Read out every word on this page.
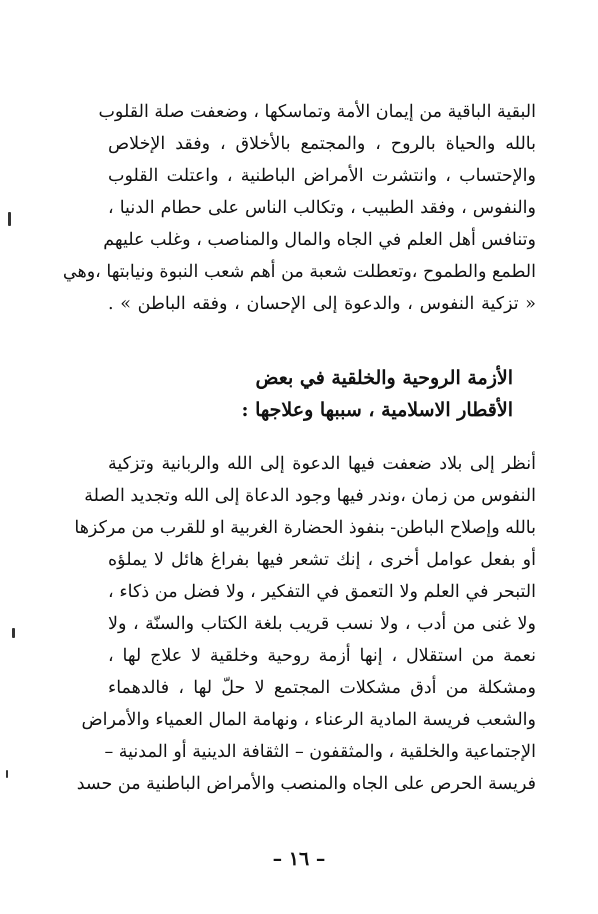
البقية الباقية من إيمان الأمة وتماسكها ، وضعفت صلة القلوب
بالله والحياة بالروح ، والمجتمع بالأخلاق ، وفقد الإخلاص
والإحتساب ، وانتشرت الأمراض الباطنية ، واعتلت القلوب
والنفوس ، وفقد الطبيب ، وتكالب الناس على حطام الدنيا ،
وتنافس أهل العلم في الجاه والمال والمناصب ، وغلب عليهم
الطمع والطموح ،وتعطلت شعبة من أهم شعب النبوة ونيابتها ،وهي
« تزكية النفوس ، والدعوة إلى الإحسان ، وفقه الباطن » .
الأزمة الروحية والخلقية في بعض
الأقطار الاسلامية ، سببها وعلاجها :
أنظر إلى بلاد ضعفت فيها الدعوة إلى الله والربانية وتزكية
النفوس من زمان ،وندر فيها وجود الدعاة إلى الله وتجديد الصلة
بالله وإصلاح الباطن- بنفوذ الحضارة الغربية او للقرب من مركزها
أو بفعل عوامل أخرى ، إنك تشعر فيها بفراغ هائل لا يملؤه
التبحر في العلم ولا التعمق في التفكير ، ولا فضل من ذكاء ،
ولا غنى من أدب ، ولا نسب قريب بلغة الكتاب والسنّة ، ولا
نعمة من استقلال ، إنها أزمة روحية وخلقية لا علاج لها ،
ومشكلة من أدق مشكلات المجتمع لا حلّ لها ، فالدهماء
والشعب فريسة المادية الرعناء ، ونهامة المال العمياء والأمراض
الإجتماعية والخلقية ، والمثقفون – الثقافة الدينية أو المدنية –
فريسة الحرص على الجاه والمنصب والأمراض الباطنية من حسد
– ١٦ –
